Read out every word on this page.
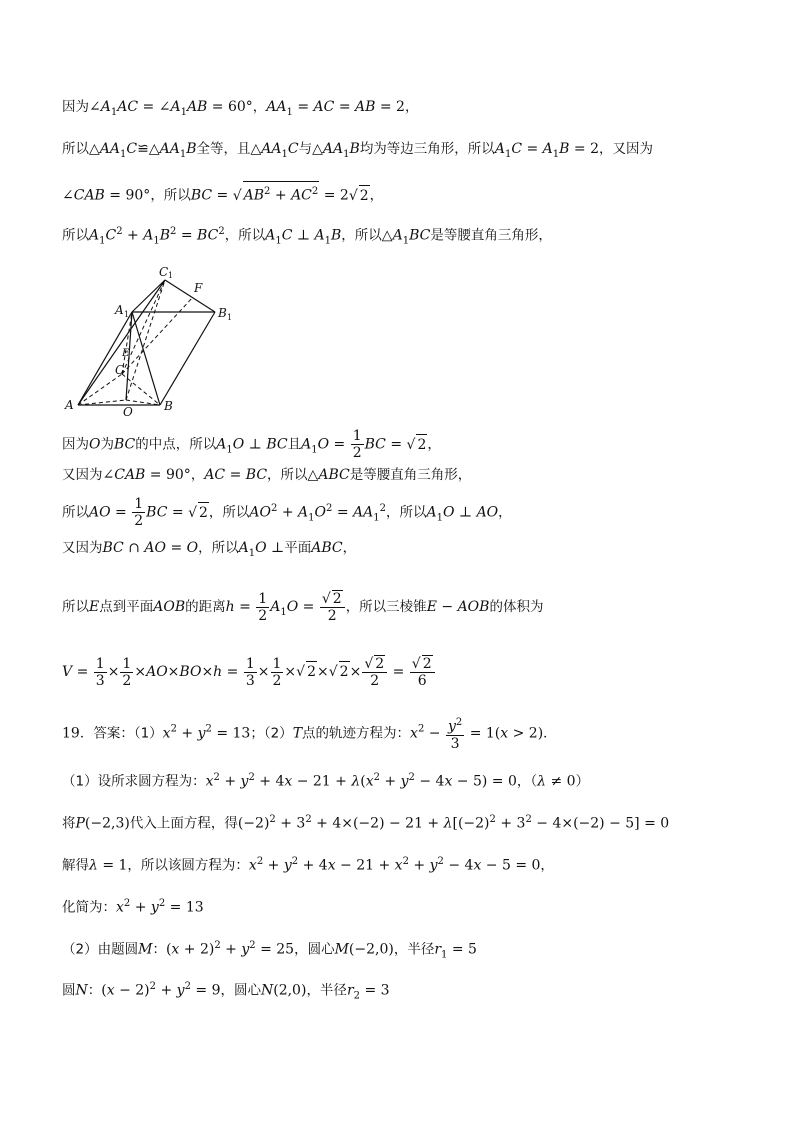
因为$\angle A_1AC$ = $\angle A_1AB = 60^\circ$，$AA_1$ = AC = AB = 2，
所以$\triangle AA_1C≌\triangle AA_1B$全等，且$\triangle AA_1C$与$\triangle AA_1B$均为等边三角形，所以$A_1C = A_1B = 2$，又因为
∠CAB = 90°，所以BC = √ $AB^2 + AC^2 = 2√$ 2，
所以$A_1C^2 + A_1B^2 = BC^2$，所以$A_1C$ ⊥ $A_1B$，所以$\triangle A_1BC$是等腰直角三角形，
A	B
O
C
E
A 1	B 1
C 1
F
因为O为BC的中点，所以$A_1O$ ⊥ BC且$A_1O = \frac{1}{2}$ BC = √ 2，
又因为∠CAB = 90°，AC = BC，所以△ABC是等腰直角三角形，
所以AO = $\frac{1}{2}$ BC = √ 2，所以$AO^2 + A_1O^2 = AA_1^2$，所以$A_1O$ ⊥ AO，
又因为BC ∩ AO = O，所以$A_1O$ ⊥平面ABC，
所以E点到平面AOB的距离$h = \frac{1}{2} A_1O$ =
√ $\frac{2}{2}$ ，所以三棱锥E − AOB的体积为
$V = \frac{1}{3} \times \frac{1}{2} \times AO\times BO\times h = \frac{1}{3} \times \frac{1}{2}$ ×√ 2×√ 2×
√ $\frac{2}{2}$ =
√ $\frac{2}{6}$
19．答案：$(1)x^2 + y^2 = 13$；（2）T点的轨迹方程为：$x^2 - \frac{y^2}{3} = 1(x > 2)$．
（1）设所求圆方程为：$x^2 + y^2 + 4x - 21 + \lambda(x^2 + y^2 - 4x - 5) = 0$，（λ ≠ 0）
将P(−2,3)代入上面方程，得$(-2)^2 + 3^2 + 4\times(-2) - 21 + \lambda[(-2)^2 + 3^2 - 4\times(-2) - 5] = 0$
解得λ = 1，所以该圆方程为：$x^2 + y^2 + 4x - 21 + x^2 + y^2 - 4x - 5 = 0$，
化简为：$x^2 + y^2 = 13$
（2）由题圆M：$(x + 2)^2 + y^2 = 25$，圆心M(−2,0)，半径$r_1 = 5$
圆N：$(x - 2)^2 + y^2 = 9$，圆心N(2,0)，半径$r_2 = 3$
